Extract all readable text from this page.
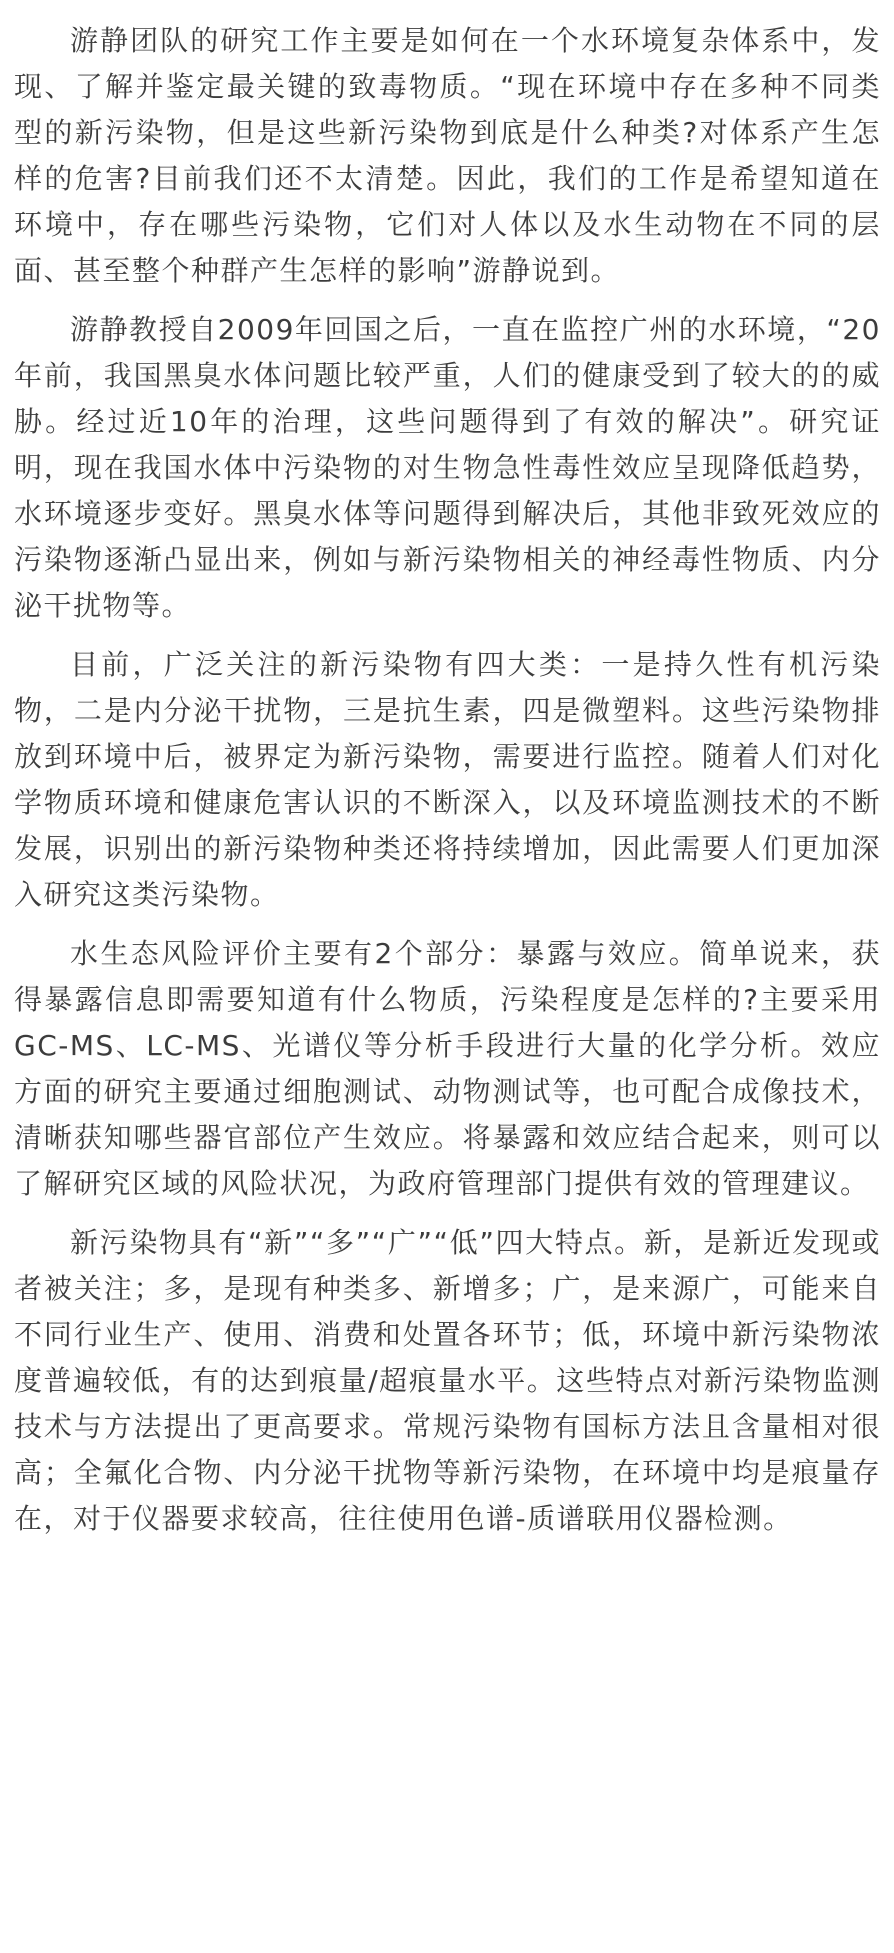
游静团队的研究工作主要是如何在一个水环境复杂体系中，发现、了解并鉴定最关键的致毒物质。“现在环境中存在多种不同类型的新污染物，但是这些新污染物到底是什么种类?对体系产生怎样的危害?目前我们还不太清楚。因此，我们的工作是希望知道在环境中，存在哪些污染物，它们对人体以及水生动物在不同的层面、甚至整个种群产生怎样的影响”游静说到。

游静教授自2009年回国之后，一直在监控广州的水环境，“20年前，我国黑臭水体问题比较严重，人们的健康受到了较大的的威胁。经过近10年的治理，这些问题得到了有效的解决”。研究证明，现在我国水体中污染物的对生物急性毒性效应呈现降低趋势，水环境逐步变好。黑臭水体等问题得到解决后，其他非致死效应的污染物逐渐凸显出来，例如与新污染物相关的神经毒性物质、内分泌干扰物等。

目前，广泛关注的新污染物有四大类：一是持久性有机污染物，二是内分泌干扰物，三是抗生素，四是微塑料。这些污染物排放到环境中后，被界定为新污染物，需要进行监控。随着人们对化学物质环境和健康危害认识的不断深入，以及环境监测技术的不断发展，识别出的新污染物种类还将持续增加，因此需要人们更加深入研究这类污染物。

水生态风险评价主要有2个部分：暴露与效应。简单说来，获得暴露信息即需要知道有什么物质，污染程度是怎样的?主要采用GC-MS、LC-MS、光谱仪等分析手段进行大量的化学分析。效应方面的研究主要通过细胞测试、动物测试等，也可配合成像技术，清晰获知哪些器官部位产生效应。将暴露和效应结合起来，则可以了解研究区域的风险状况，为政府管理部门提供有效的管理建议。

新污染物具有“新”“多”“广”“低”四大特点。新，是新近发现或者被关注；多，是现有种类多、新增多；广，是来源广，可能来自不同行业生产、使用、消费和处置各环节；低，环境中新污染物浓度普遍较低，有的达到痕量/超痕量水平。这些特点对新污染物监测技术与方法提出了更高要求。常规污染物有国标方法且含量相对很高；全氟化合物、内分泌干扰物等新污染物，在环境中均是痕量存在，对于仪器要求较高，往往使用色谱-质谱联用仪器检测。
